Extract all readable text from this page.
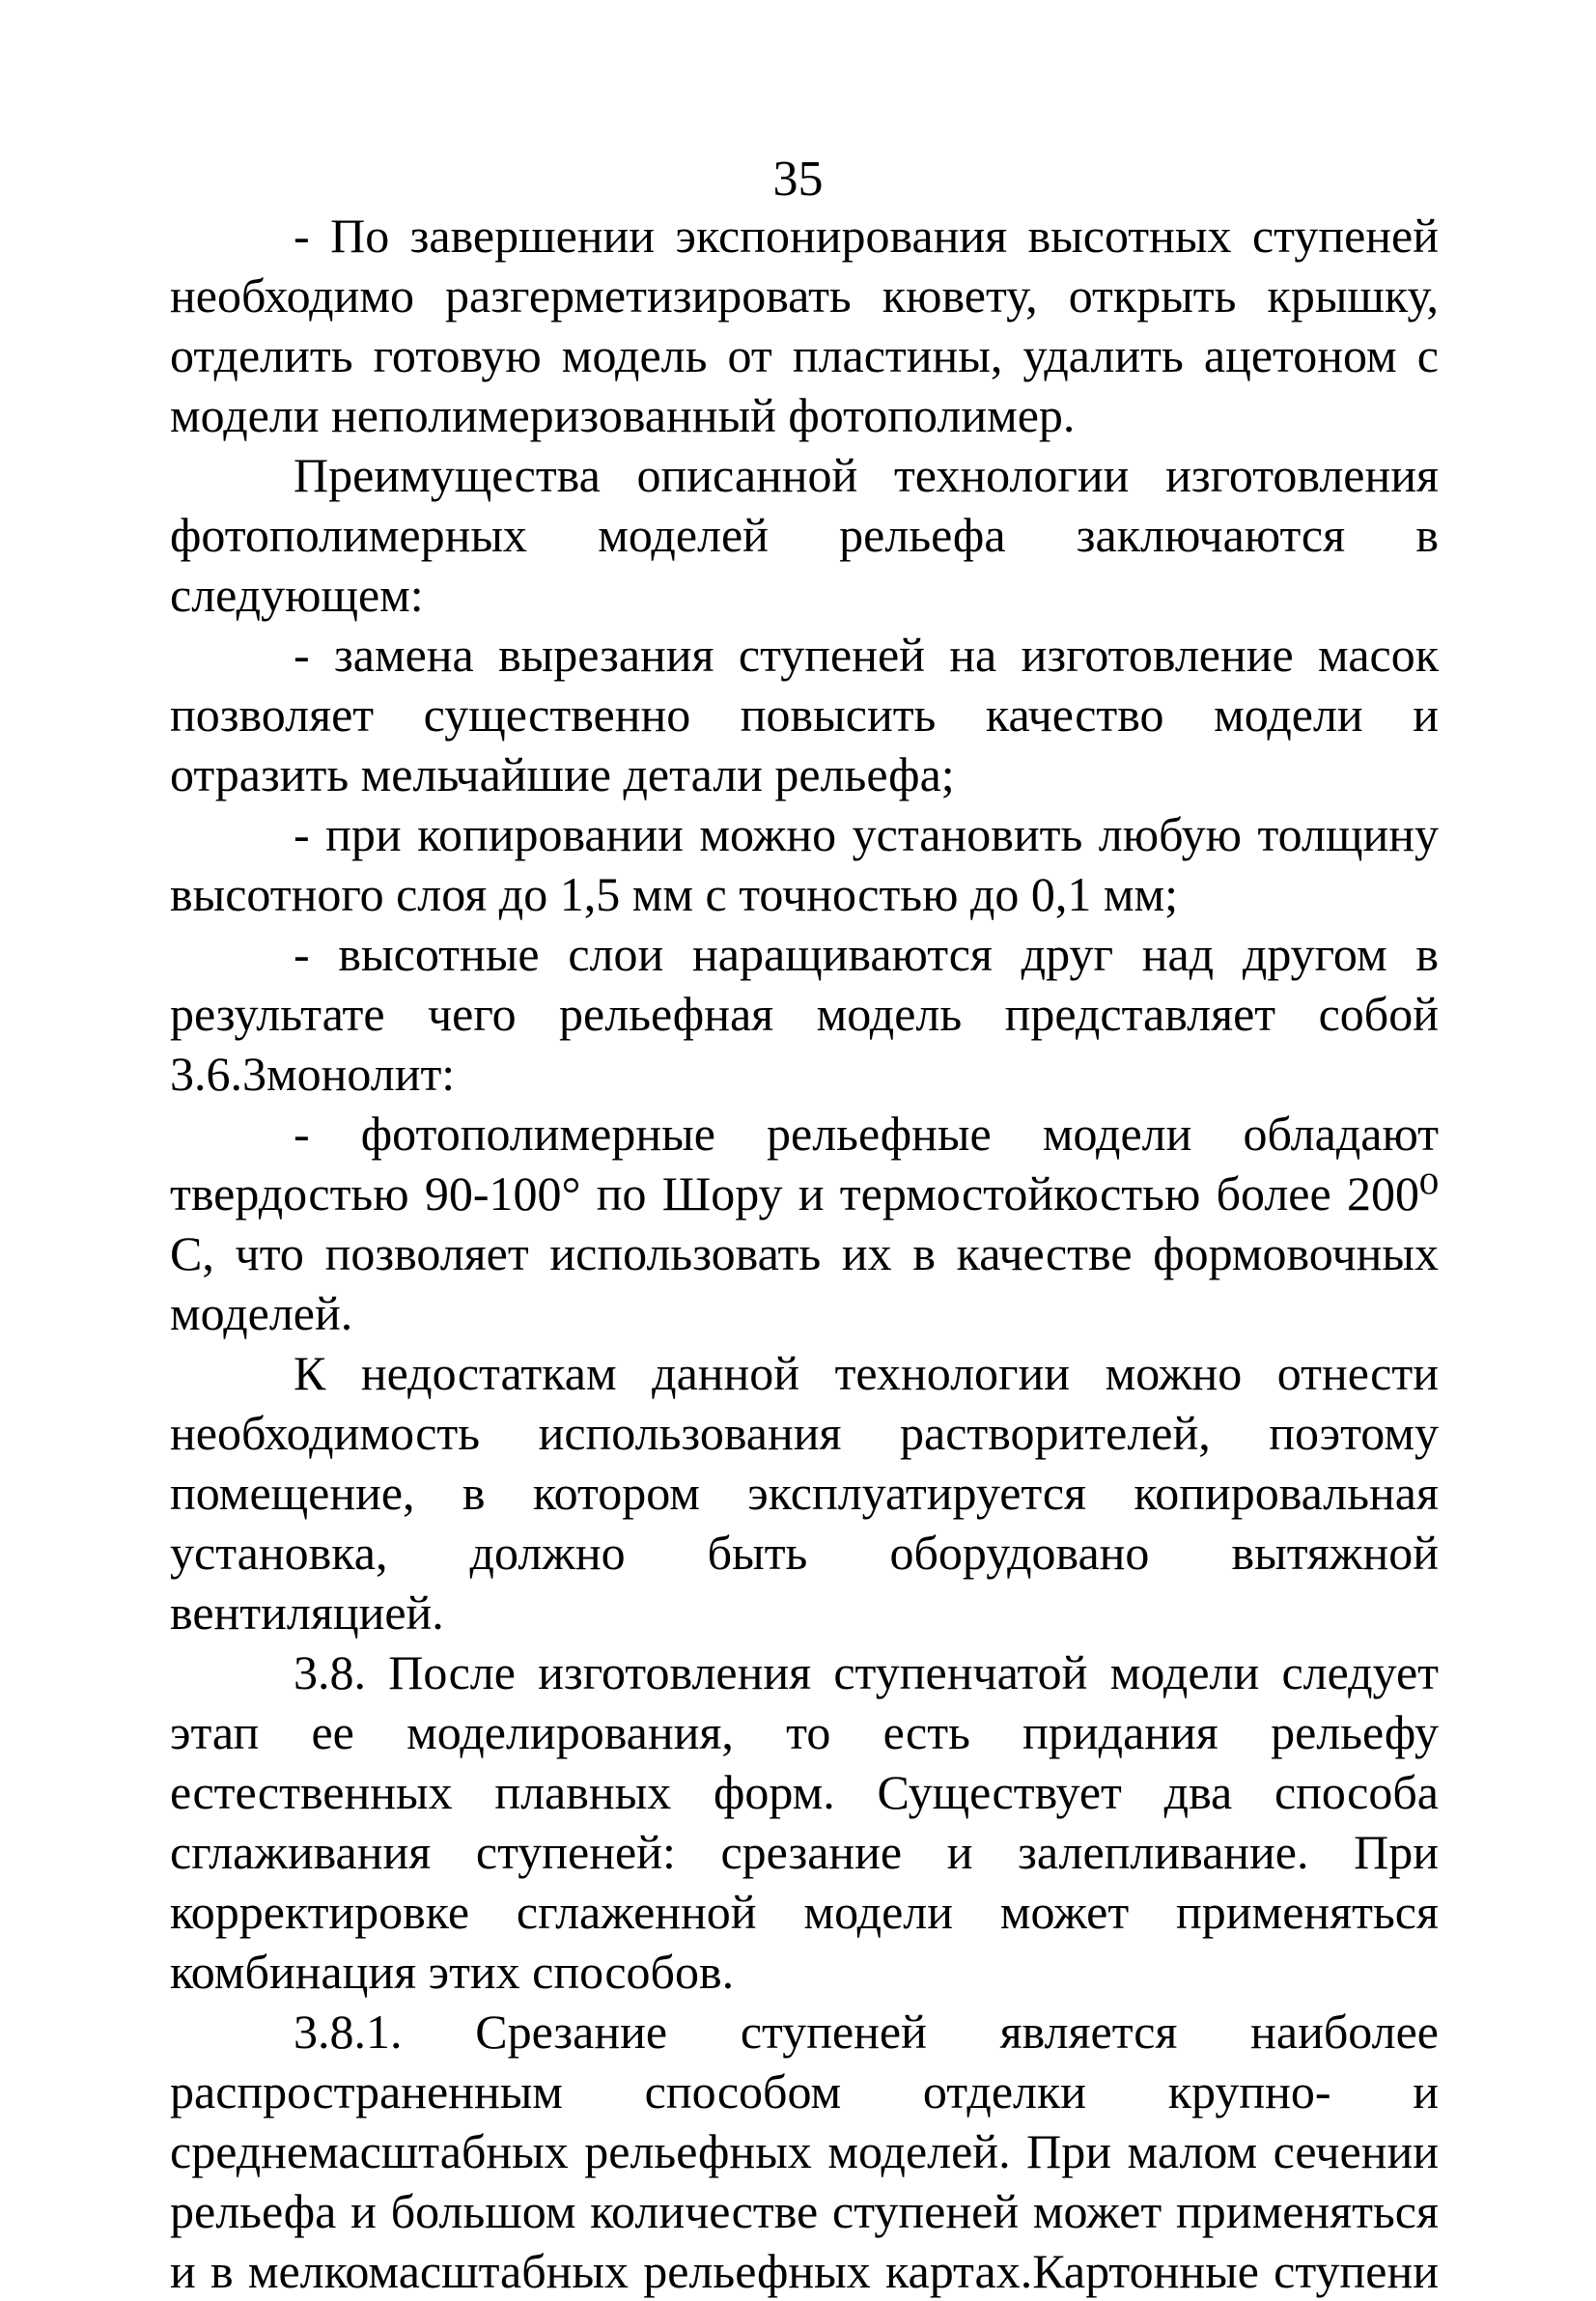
35

- По завершении экспонирования высотных ступеней необходимо разгерметизировать кювету, открыть крышку, отделить готовую модель от пластины, удалить ацетоном с модели неполимеризованный фотополимер.

Преимущества описанной технологии изготовления фотополимерных моделей рельефа заключаются в следующем:

- замена вырезания ступеней на изготовление масок позволяет существенно повысить качество модели и отразить мельчайшие детали рельефа;

- при копировании можно установить любую толщину высотного слоя до 1,5 мм с точностью до 0,1 мм;

- высотные слои наращиваются друг над другом в результате чего рельефная модель представляет собой 3.6.3монолит:

- фотополимерные рельефные модели обладают твердостью 90-100° по Шору и термостойкостью более 200⁰ С, что позволяет использовать их в качестве формовочных моделей.

К недостаткам данной технологии можно отнести необходимость использования растворителей, поэтому помещение, в котором эксплуатируется копировальная установка, должно быть оборудовано вытяжной вентиляцией.

3.8. После изготовления ступенчатой модели следует этап ее моделирования, то есть придания рельефу естественных плавных форм. Существует два способа сглаживания ступеней: срезание и залепливание. При корректировке сглаженной модели может применяться комбинация этих способов.

3.8.1. Срезание ступеней является наиболее распространенным способом отделки крупно- и среднемасштабных рельефных моделей. При малом сечении рельефа и большом количестве ступеней может применяться и в мелкомасштабных рельефных картах.Картонные ступени
